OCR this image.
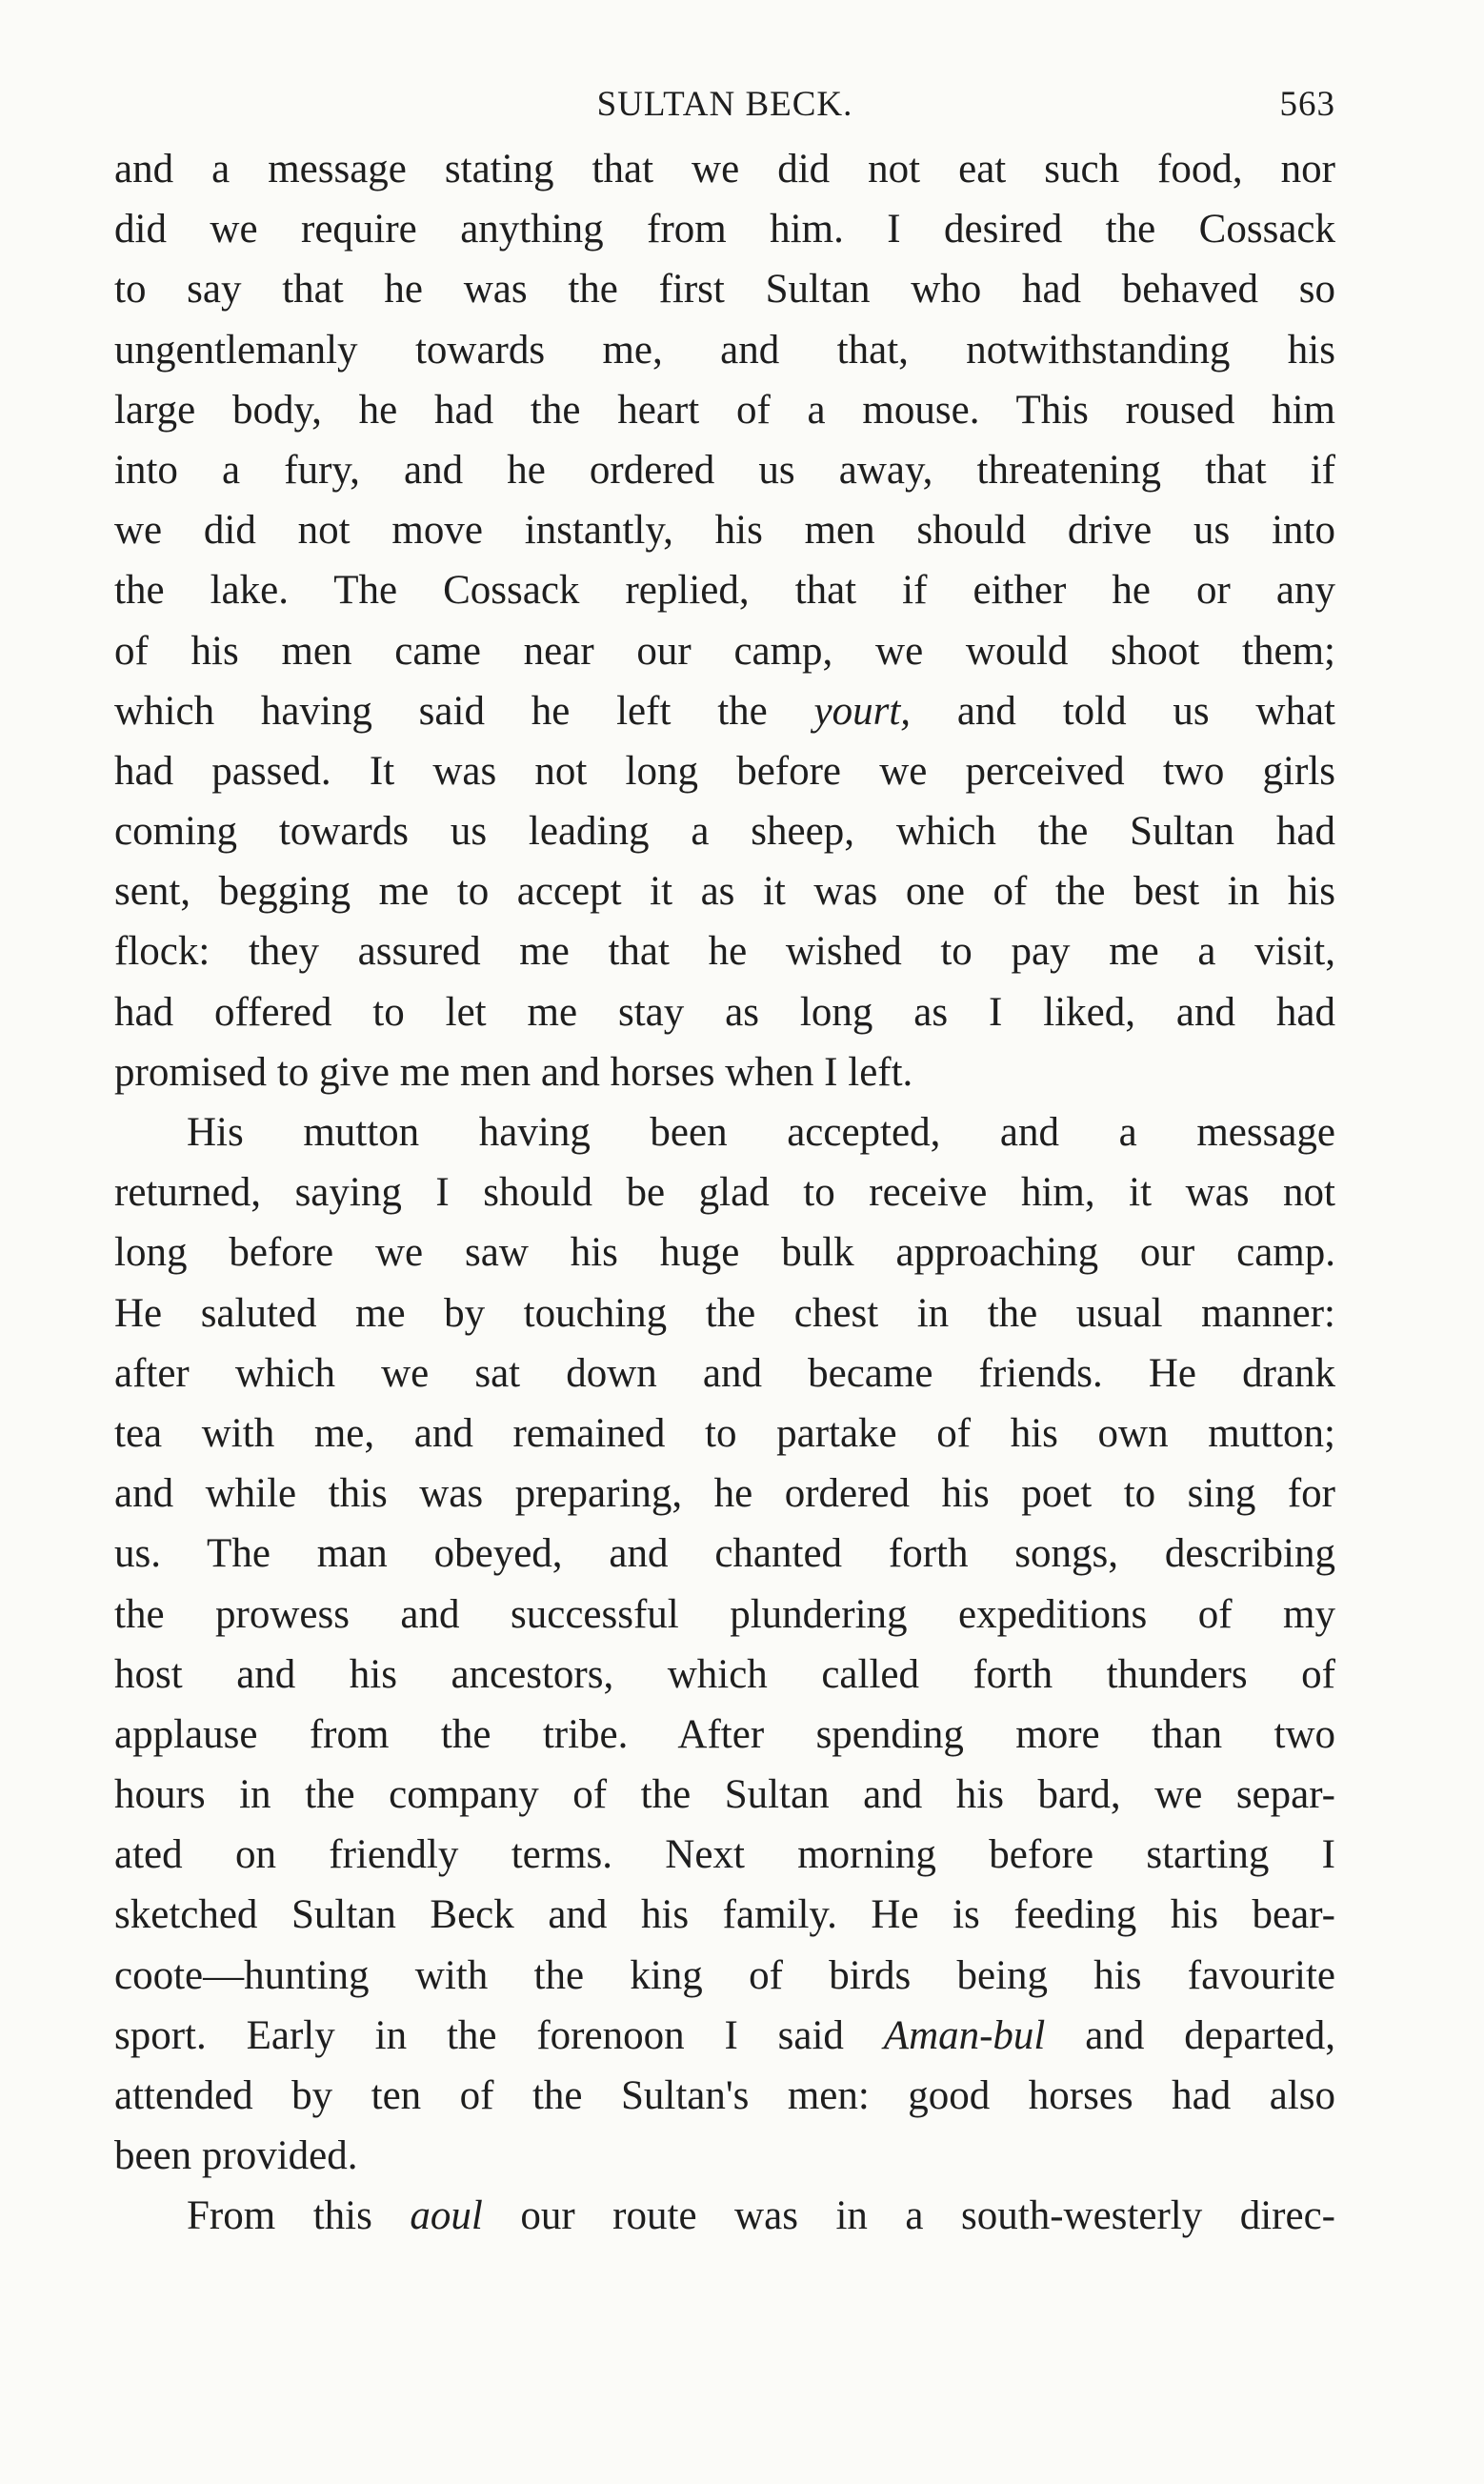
SULTAN BECK.	563
and a message stating that we did not eat such food, nor
did we require anything from him. I desired the Cossack
to say that he was the first Sultan who had behaved so
ungentlemanly towards me, and that, notwithstanding his
large body, he had the heart of a mouse. This roused him
into a fury, and he ordered us away, threatening that if
we did not move instantly, his men should drive us into
the lake. The Cossack replied, that if either he or any
of his men came near our camp, we would shoot them;
which having said he left the yourt, and told us what
had passed. It was not long before we perceived two girls
coming towards us leading a sheep, which the Sultan had
sent, begging me to accept it as it was one of the best in his
flock: they assured me that he wished to pay me a visit,
had offered to let me stay as long as I liked, and had
promised to give me men and horses when I left.
His mutton having been accepted, and a message
returned, saying I should be glad to receive him, it was not
long before we saw his huge bulk approaching our camp.
He saluted me by touching the chest in the usual manner:
after which we sat down and became friends. He drank
tea with me, and remained to partake of his own mutton;
and while this was preparing, he ordered his poet to sing for
us. The man obeyed, and chanted forth songs, describing
the prowess and successful plundering expeditions of my
host and his ancestors, which called forth thunders of
applause from the tribe. After spending more than two
hours in the company of the Sultan and his bard, we separ-
ated on friendly terms. Next morning before starting I
sketched Sultan Beck and his family. He is feeding his bear-
coote—hunting with the king of birds being his favourite
sport. Early in the forenoon I said Aman-bul and departed,
attended by ten of the Sultan's men: good horses had also
been provided.
From this aoul our route was in a south-westerly direc-
